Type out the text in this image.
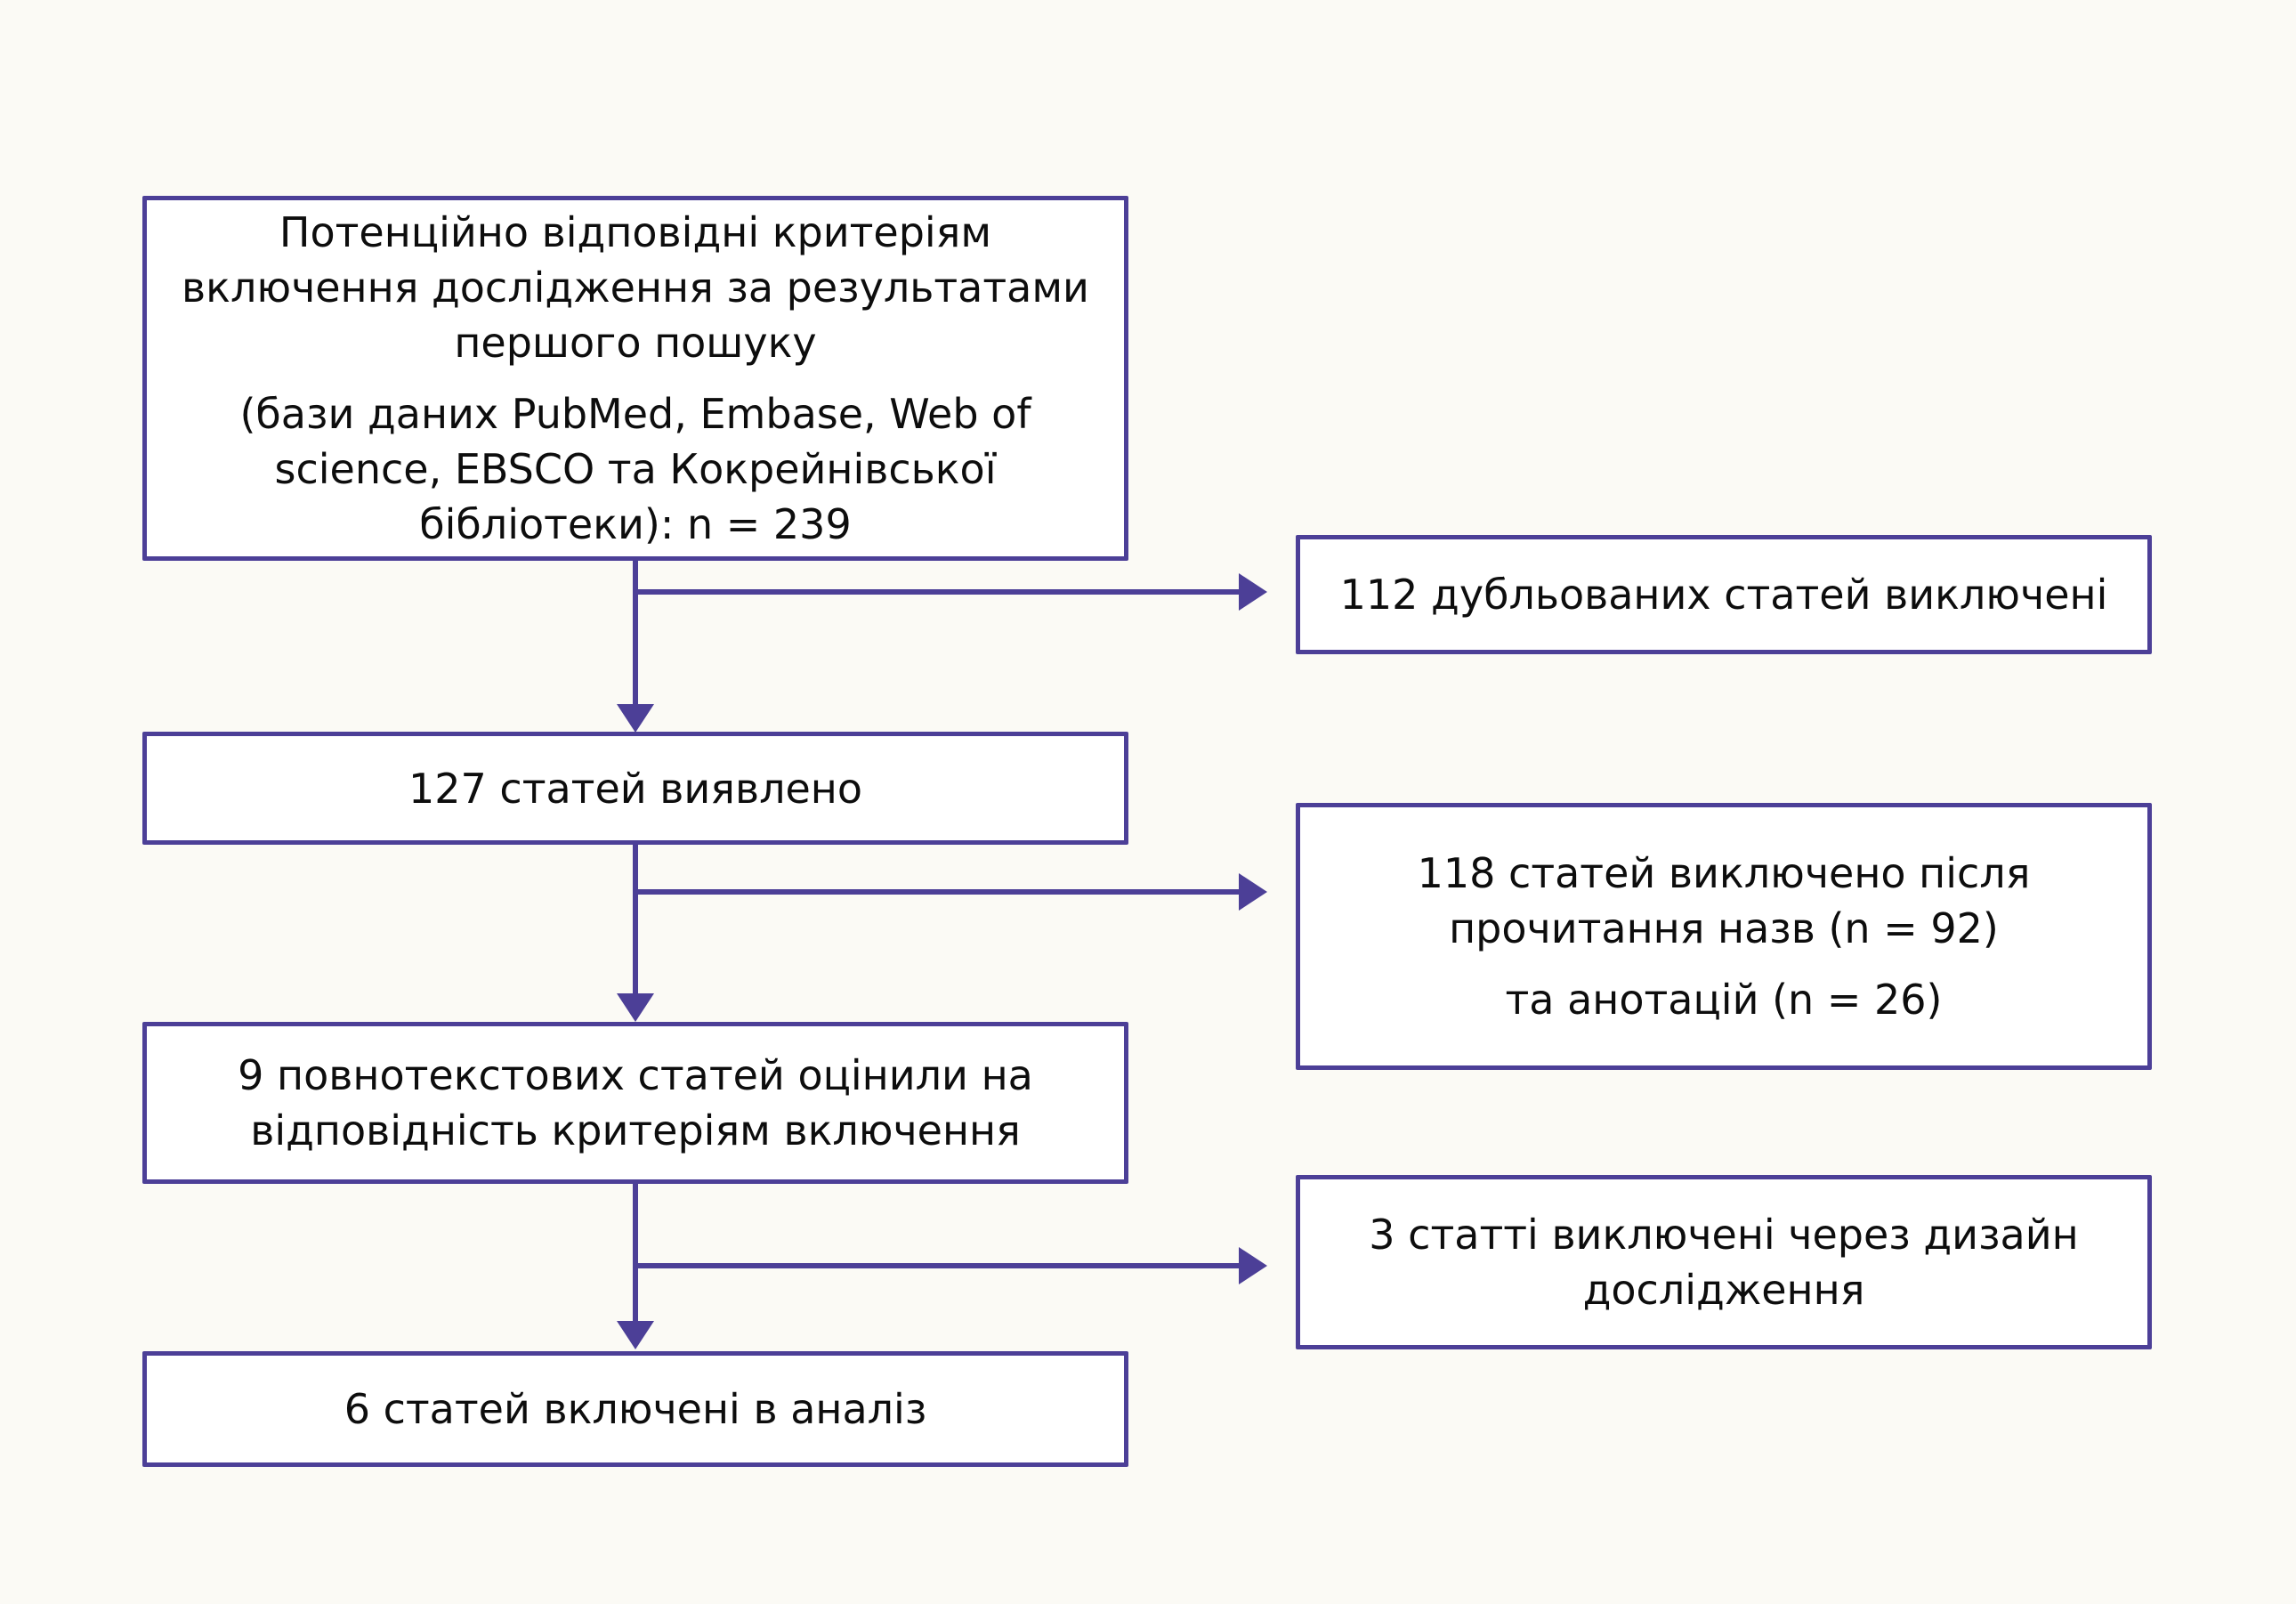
Потенційно відповідні критеріям
включення дослідження за результатами
першого пошуку
(бази даних PubMed, Embase, Web of
science, EBSCO та Кокрейнівської
бібліотеки): n = 239
127 статей виявлено
9 повнотекстових статей оцінили на
відповідність критеріям включення
6 статей включені в аналіз
112 дубльованих статей виключені
118 статей виключено після
прочитання назв (n = 92)
та анотацій (n = 26)
3 статті виключені через дизайн
дослідження
